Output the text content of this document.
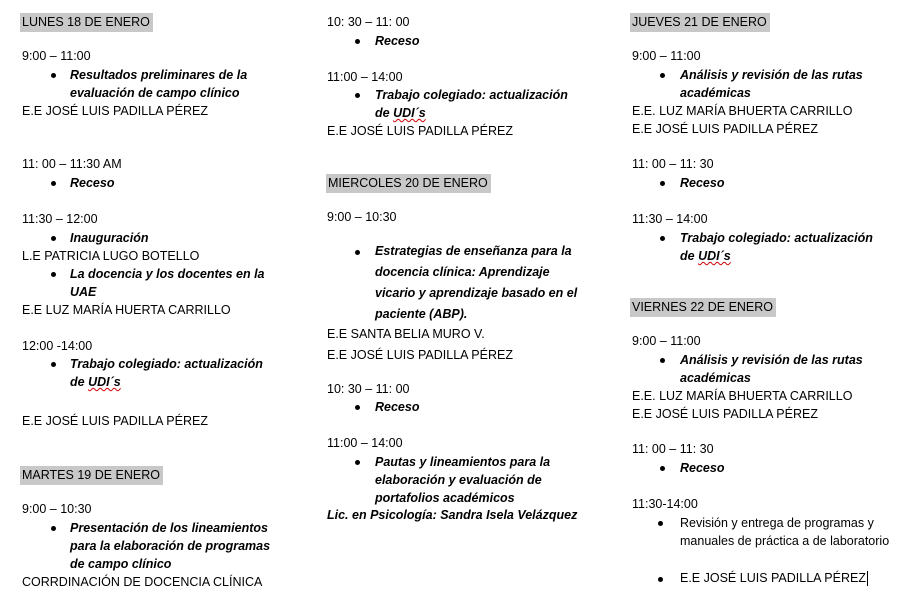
LUNES 18 DE ENERO
9:00 – 11:00
Resultados preliminares de la evaluación de campo clínico
E.E JOSÉ LUIS PADILLA PÉREZ
11: 00 – 11:30 AM
Receso
11:30 – 12:00
Inauguración
L.E PATRICIA LUGO BOTELLO
La docencia y los docentes en la UAE
E.E LUZ MARÍA HUERTA CARRILLO
12:00 -14:00
Trabajo colegiado: actualización de UDI´s
E.E JOSÉ LUIS PADILLA PÉREZ
MARTES 19 DE ENERO
9:00 – 10:30
Presentación de los lineamientos para la elaboración de programas de campo clínico
CORRDINACIÓN DE DOCENCIA CLÍNICA
10: 30 – 11: 00
Receso
11:00 – 14:00
Trabajo colegiado: actualización de UDI´s
E.E JOSÉ LUIS PADILLA PÉREZ
MIERCOLES 20 DE ENERO
9:00 – 10:30
Estrategias de enseñanza para la docencia clínica: Aprendizaje vicario y aprendizaje basado en el paciente (ABP).
E.E SANTA BELIA MURO V.
E.E JOSÉ LUIS PADILLA PÉREZ
10: 30 – 11: 00
Receso
11:00 – 14:00
Pautas y lineamientos para la elaboración y evaluación de portafolios académicos
Lic. en Psicología: Sandra Isela Velázquez
JUEVES 21 DE ENERO
9:00 – 11:00
Análisis y revisión de las rutas académicas
E.E. LUZ MARÍA BHUERTA CARRILLO
E.E JOSÉ LUIS PADILLA PÉREZ
11: 00 – 11: 30
Receso
11:30 – 14:00
Trabajo colegiado: actualización de UDI´s
VIERNES 22 DE ENERO
9:00 – 11:00
Análisis y revisión de las rutas académicas
E.E. LUZ MARÍA BHUERTA CARRILLO
E.E JOSÉ LUIS PADILLA PÉREZ
11: 00 – 11: 30
Receso
11:30-14:00
Revisión y entrega de programas y manuales de práctica a de laboratorio
E.E JOSÉ LUIS PADILLA PÉREZ
